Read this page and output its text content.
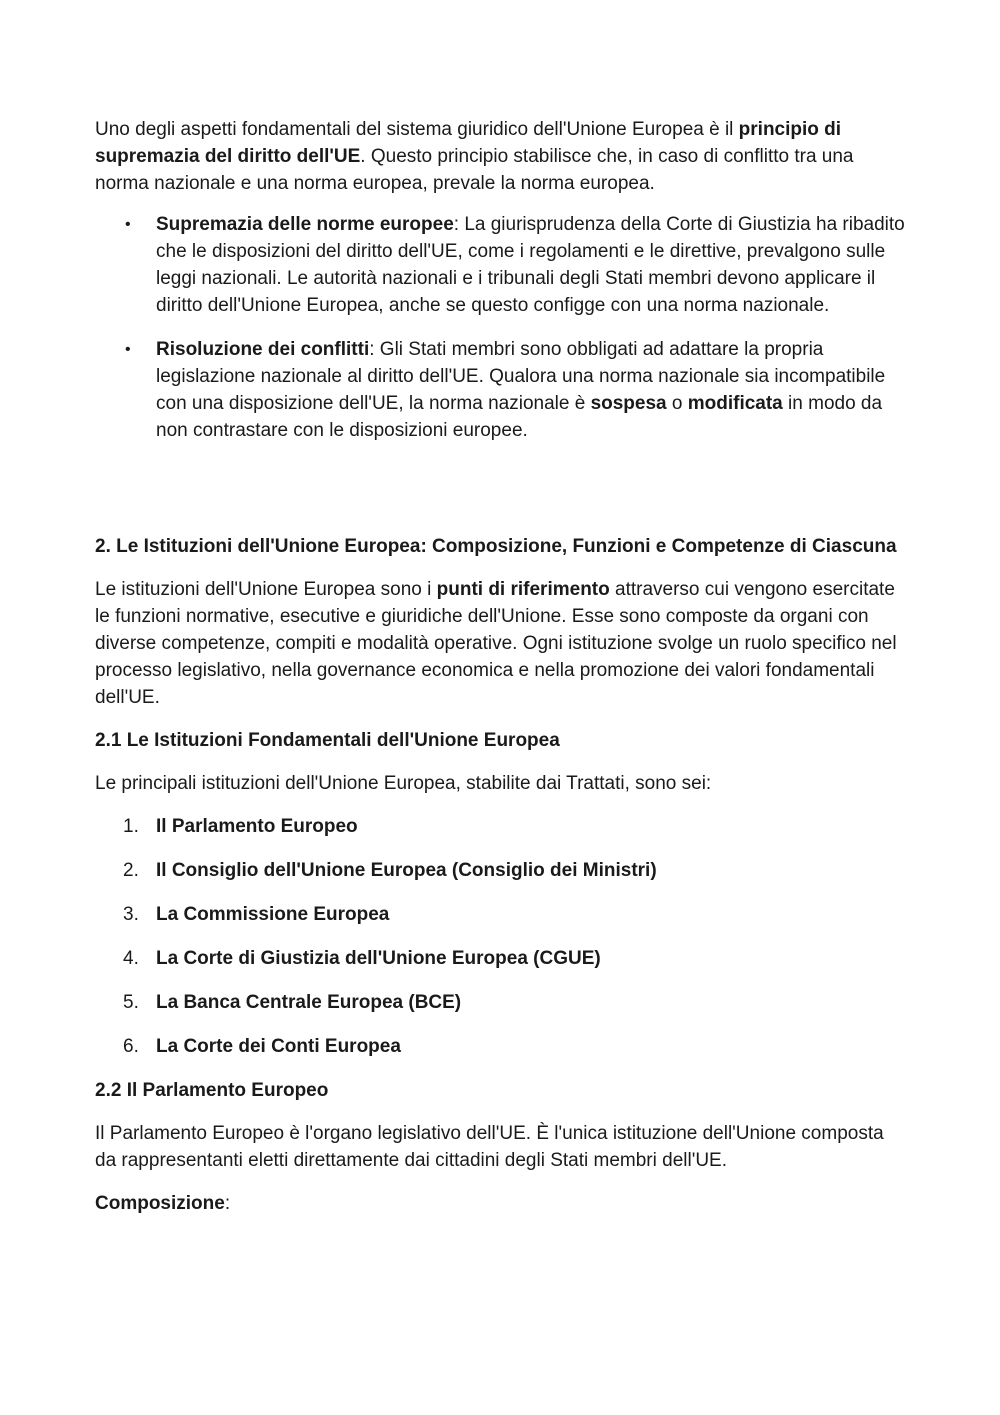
Uno degli aspetti fondamentali del sistema giuridico dell'Unione Europea è il principio di supremazia del diritto dell'UE. Questo principio stabilisce che, in caso di conflitto tra una norma nazionale e una norma europea, prevale la norma europea.

• Supremazia delle norme europee: La giurisprudenza della Corte di Giustizia ha ribadito che le disposizioni del diritto dell'UE, come i regolamenti e le direttive, prevalgono sulle leggi nazionali. Le autorità nazionali e i tribunali degli Stati membri devono applicare il diritto dell'Unione Europea, anche se questo configge con una norma nazionale.
• Risoluzione dei conflitti: Gli Stati membri sono obbligati ad adattare la propria legislazione nazionale al diritto dell'UE. Qualora una norma nazionale sia incompatibile con una disposizione dell'UE, la norma nazionale è sospesa o modificata in modo da non contrastare con le disposizioni europee.

2. Le Istituzioni dell'Unione Europea: Composizione, Funzioni e Competenze di Ciascuna

Le istituzioni dell'Unione Europea sono i punti di riferimento attraverso cui vengono esercitate le funzioni normative, esecutive e giuridiche dell'Unione. Esse sono composte da organi con diverse competenze, compiti e modalità operative. Ogni istituzione svolge un ruolo specifico nel processo legislativo, nella governance economica e nella promozione dei valori fondamentali dell'UE.

2.1 Le Istituzioni Fondamentali dell'Unione Europea

Le principali istituzioni dell'Unione Europea, stabilite dai Trattati, sono sei:

1. Il Parlamento Europeo
2. Il Consiglio dell'Unione Europea (Consiglio dei Ministri)
3. La Commissione Europea
4. La Corte di Giustizia dell'Unione Europea (CGUE)
5. La Banca Centrale Europea (BCE)
6. La Corte dei Conti Europea

2.2 Il Parlamento Europeo

Il Parlamento Europeo è l'organo legislativo dell'UE. È l'unica istituzione dell'Unione composta da rappresentanti eletti direttamente dai cittadini degli Stati membri dell'UE.

Composizione:
